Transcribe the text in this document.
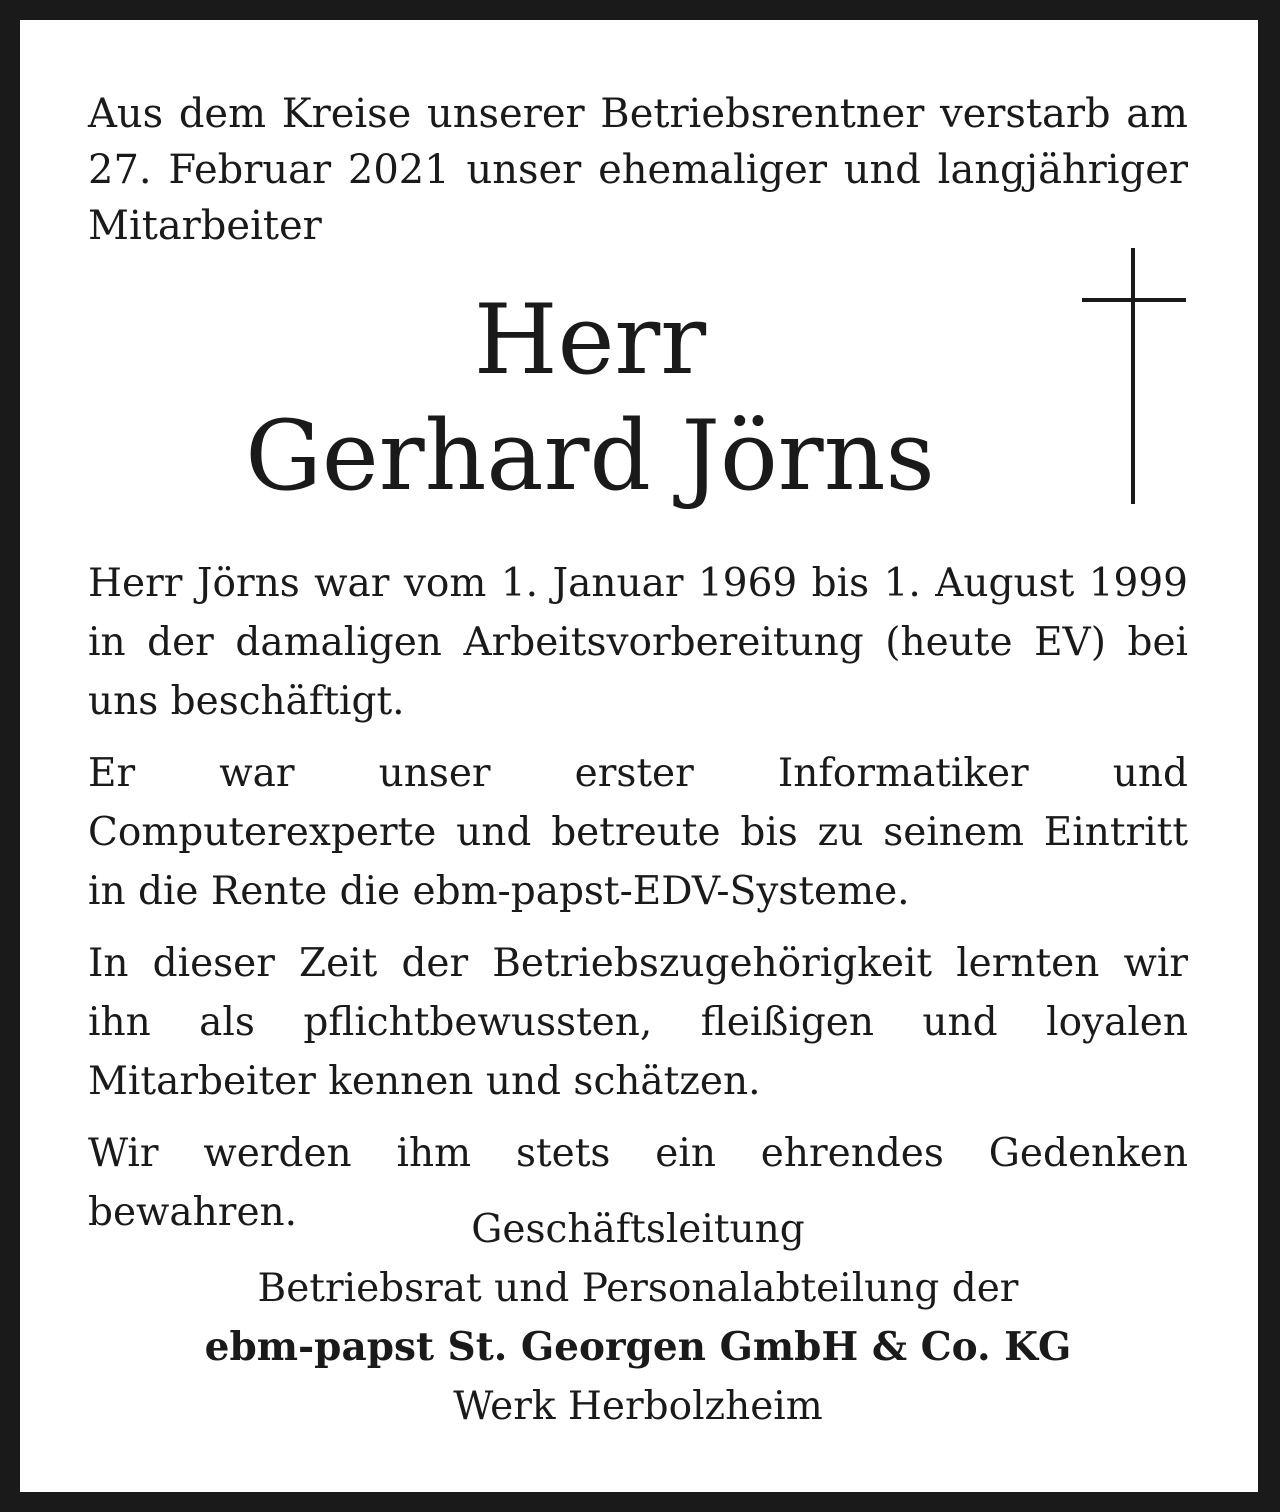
Aus dem Kreise unserer Betriebsrentner verstarb am 27. Februar 2021 unser ehemaliger und langjähriger Mitarbeiter

Herr
Gerhard Jörns

Herr Jörns war vom 1. Januar 1969 bis 1. August 1999 in der damaligen Arbeitsvorbereitung (heute EV) bei uns beschäftigt.

Er war unser erster Informatiker und Computerexperte und betreute bis zu seinem Eintritt in die Rente die ebm-papst-EDV-Systeme.

In dieser Zeit der Betriebszugehörigkeit lernten wir ihn als pflichtbewussten, fleißigen und loyalen Mitarbeiter kennen und schätzen.

Wir werden ihm stets ein ehrendes Gedenken bewahren.	Geschäftsleitung
Betriebsrat und Personalabteilung der
ebm-papst St. Georgen GmbH & Co. KG
Werk Herbolzheim
